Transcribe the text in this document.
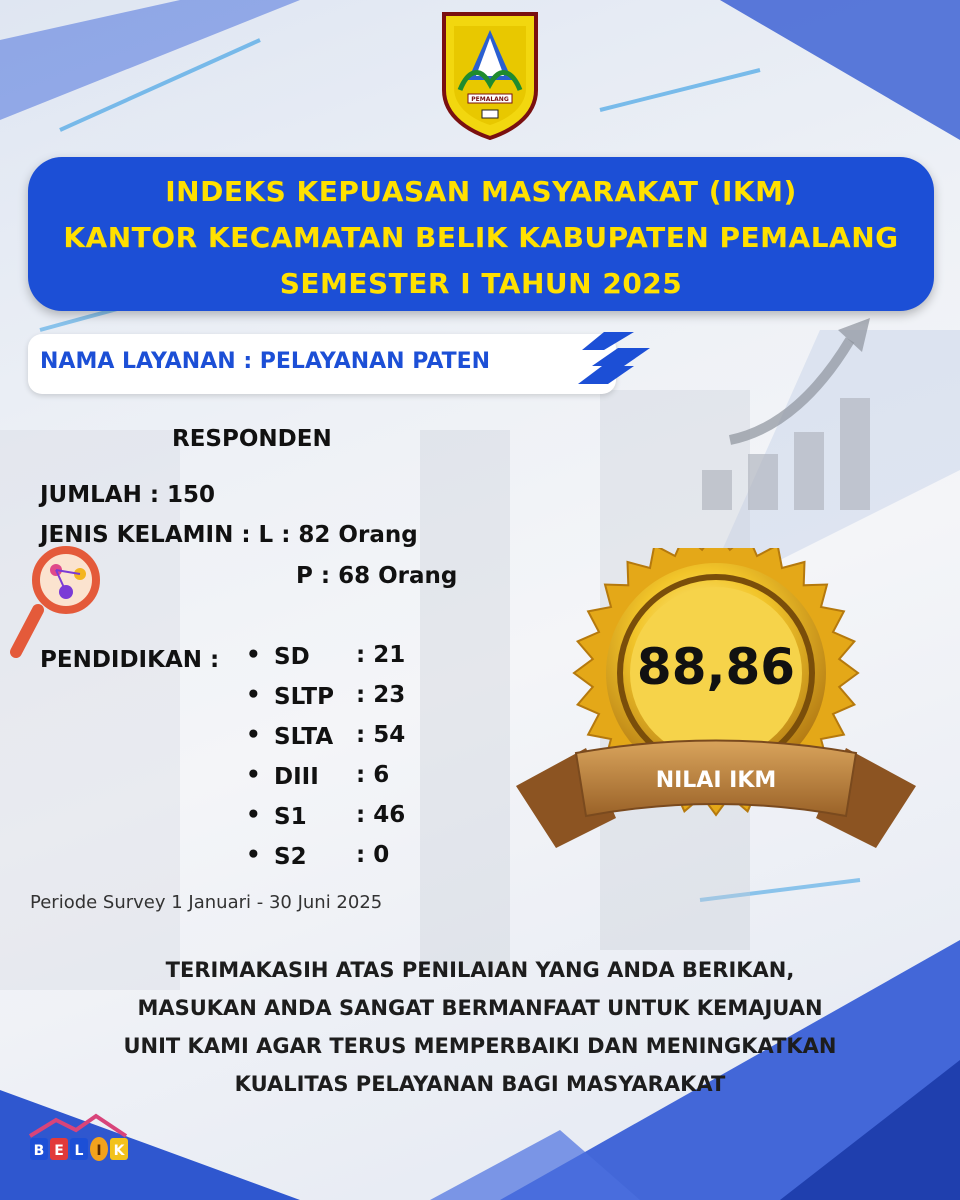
PEMALANG
INDEKS KEPUASAN MASYARAKAT (IKM)
KANTOR KECAMATAN BELIK KABUPATEN PEMALANG
SEMESTER I TAHUN 2025
NAMA LAYANAN : PELAYANAN PATEN
RESPONDEN
JUMLAH : 150
JENIS KELAMIN : L : 82 Orang
P : 68 Orang
PENDIDIKAN : • SD : 21
• SLTP : 23
• SLTA : 54
• DIII : 6
• S1 : 46
• S2 : 0
Periode Survey 1 Januari - 30 Juni 2025
88,86
NILAI IKM
TERIMAKASIH ATAS PENILAIAN YANG ANDA BERIKAN,
MASUKAN ANDA SANGAT BERMANFAAT UNTUK KEMAJUAN
UNIT KAMI AGAR TERUS MEMPERBAIKI DAN MENINGKATKAN
KUALITAS PELAYANAN BAGI MASYARAKAT
B E L I K
